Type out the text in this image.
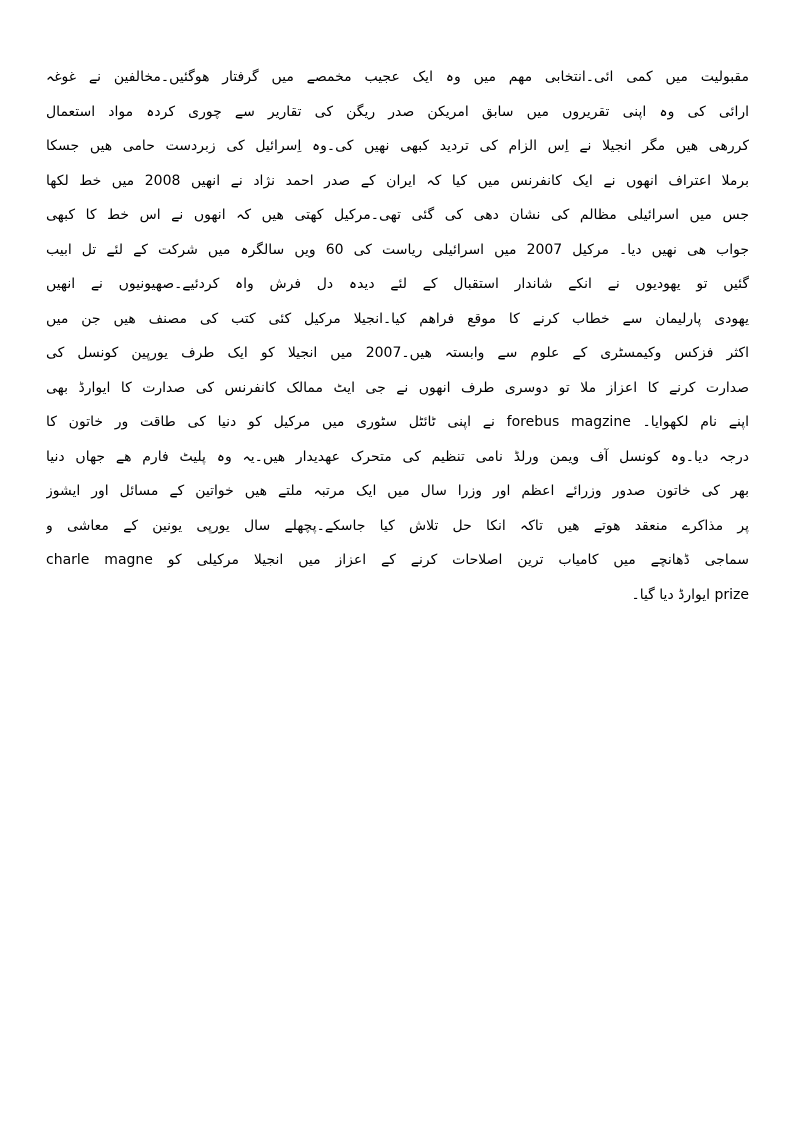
مقبولیت میں کمی ائی۔انتخابی مھم میں وہ ایک عجیب مخمصے میں گرفتار ھوگئیں۔مخالفین نے غوغہ
ارائی کی وہ اپنی تقریروں میں سابق امریکن صدر ریگن کی تقاریر سے چوری کردہ مواد استعمال
کررھی ھیں مگر انجیلا نے اِس الزام کی تردید کبھی نھیں کی۔وہ اِسرائیل کی زبردست حامی ھیں جسکا
برملا اعتراف انھوں نے ایک کانفرنس میں کیا کہ ایران کے صدر احمد نژاد نے انھیں 2008 میں خط لکھا
جس میں اسرائیلی مظالم کی نشان دھی کی گئی تھی۔مرکیل کھتی ھیں کہ انھوں نے اس خط کا کبھی
جواب ھی نھیں دیا۔ مرکیل 2007 میں اسرائیلی ریاست کی 60 ویں سالگرہ میں شرکت کے لئے تل ابیب
گئیں تو یھودیوں نے انکے شاندار استقبال کے لئے دیدہ دل فرش واہ کردئیے۔صھیونیوں نے انھیں
یھودی پارلیمان سے خطاب کرنے کا موقع فراھم کیا۔انجیلا مرکیل کئی کتب کی مصنف ھیں جن میں
اکثر فزکس وکیمسٹری کے علوم سے وابستہ ھیں۔2007 میں انجیلا کو ایک طرف یورپین کونسل کی
صدارت کرنے کا اعزاز ملا تو دوسری طرف انھوں نے جی ایٹ ممالک کانفرنس کی صدارت کا ایوارڈ بھی
اپنے نام لکھوایا۔ forebus magzine نے اپنی ٹائٹل سٹوری میں مرکیل کو دنیا کی طاقت ور خاتون کا
درجہ دیا۔وہ کونسل آف ویمن ورلڈ نامی تنظیم کی متحرک عھدیدار ھیں۔یہ وہ پلیٹ فارم ھے جھاں دنیا
بھر کی خاتون صدور وزرائے اعظم اور وزرا سال میں ایک مرتبہ ملتے ھیں خواتین کے مسائل اور ایشوز
پر مذاکرے منعقد ھوتے ھیں تاکہ انکا حل تلاش کیا جاسکے۔پچھلے سال یورپی یونین کے معاشی و
سماجی ڈھانچے میں کامیاب ترین اصلاحات کرنے کے اعزاز میں انجیلا مرکیلی کو charle magne
prize ایوارڈ دیا گیا۔
